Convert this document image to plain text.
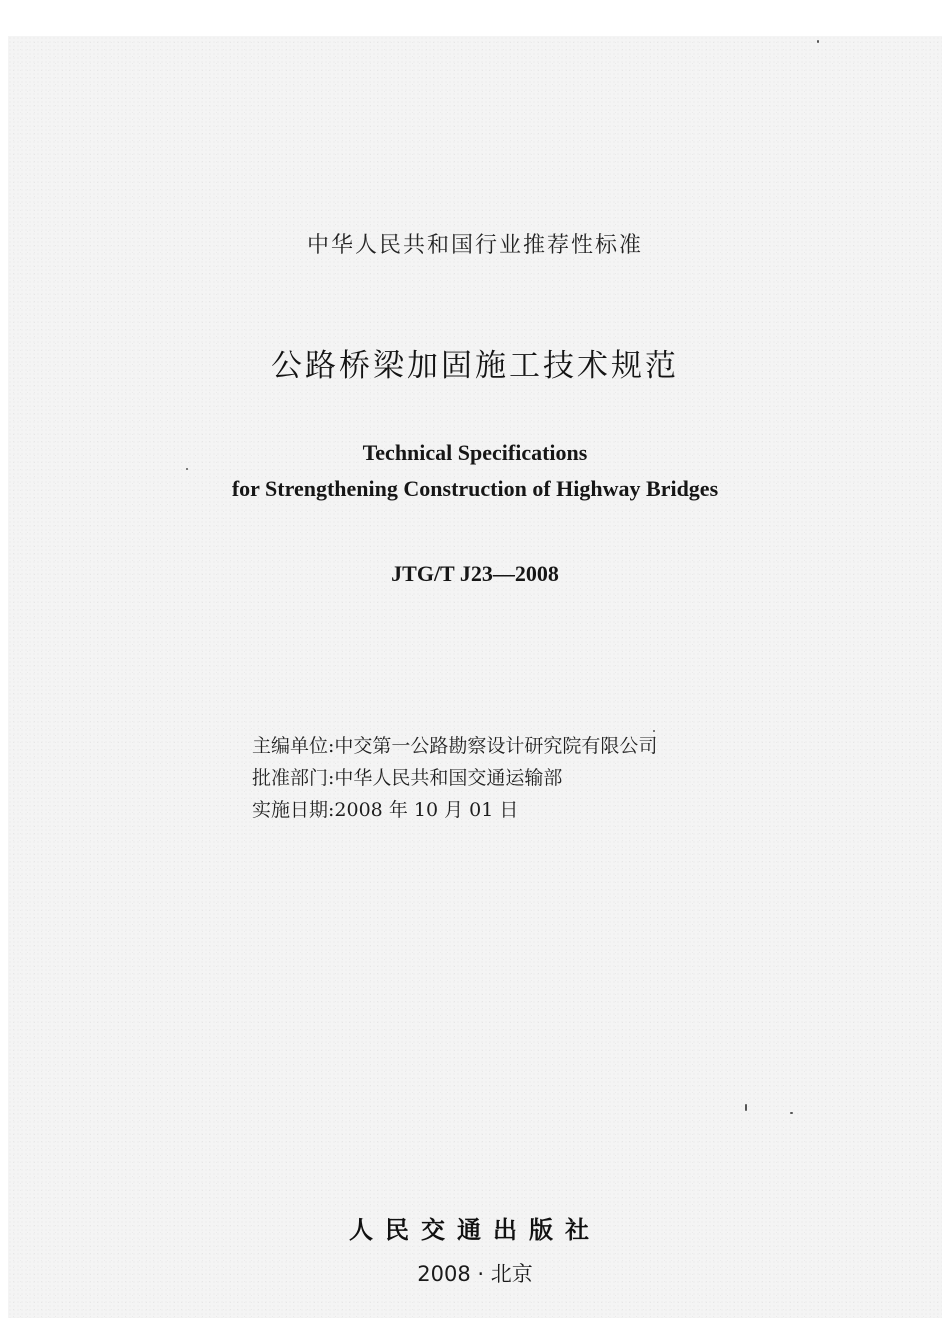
中华人民共和国行业推荐性标准
公路桥梁加固施工技术规范
Technical Specifications
for Strengthening Construction of Highway Bridges
JTG/T J23—2008
主编单位:中交第一公路勘察设计研究院有限公司
批准部门:中华人民共和国交通运输部
实施日期:2008 年 10 月 01 日
人民交通出版社
2008 · 北京
